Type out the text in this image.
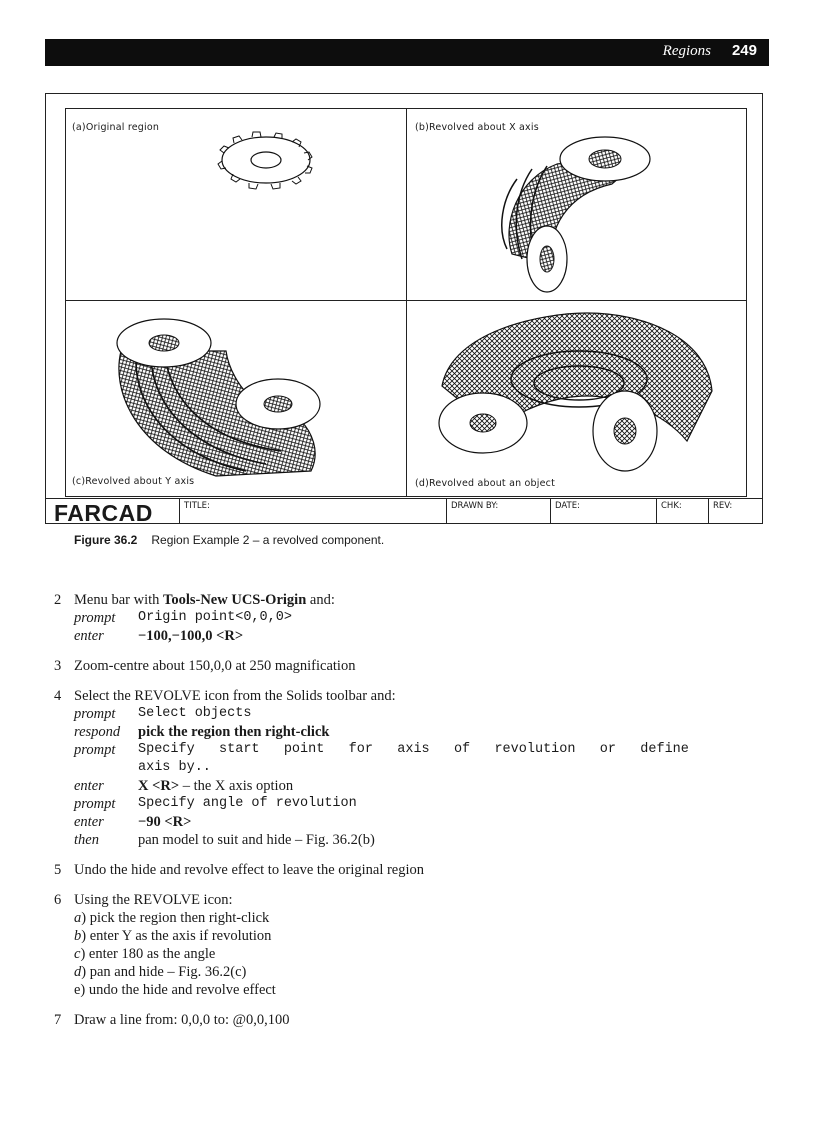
Regions 249
(a)Original region	(b)Revolved about X axis
(c)Revolved about Y axis	(d)Revolved about an object
FARCAD	TITLE:	DRAWN BY:	DATE:	CHK:	REV:
Figure 36.2 Region Example 2 – a revolved component.
2 Menu bar with Tools-New UCS-Origin and:
prompt Origin point<0,0,0>
enter −100,−100,0 <R>
3 Zoom-centre about 150,0,0 at 250 magnification
4 Select the REVOLVE icon from the Solids toolbar and:
prompt Select objects
respond pick the region then right-click
prompt Specify   start   point   for   axis   of   revolution   or   define
axis by..
enter X <R> – the X axis option
prompt Specify angle of revolution
enter −90 <R>
then	pan model to suit and hide – Fig. 36.2(b)
5 Undo the hide and revolve effect to leave the original region
6 Using the REVOLVE icon:
a) pick the region then right-click
b) enter Y as the axis if revolution
c) enter 180 as the angle
d) pan and hide – Fig. 36.2(c)
e) undo the hide and revolve effect
7 Draw a line from: 0,0,0 to: @0,0,100
